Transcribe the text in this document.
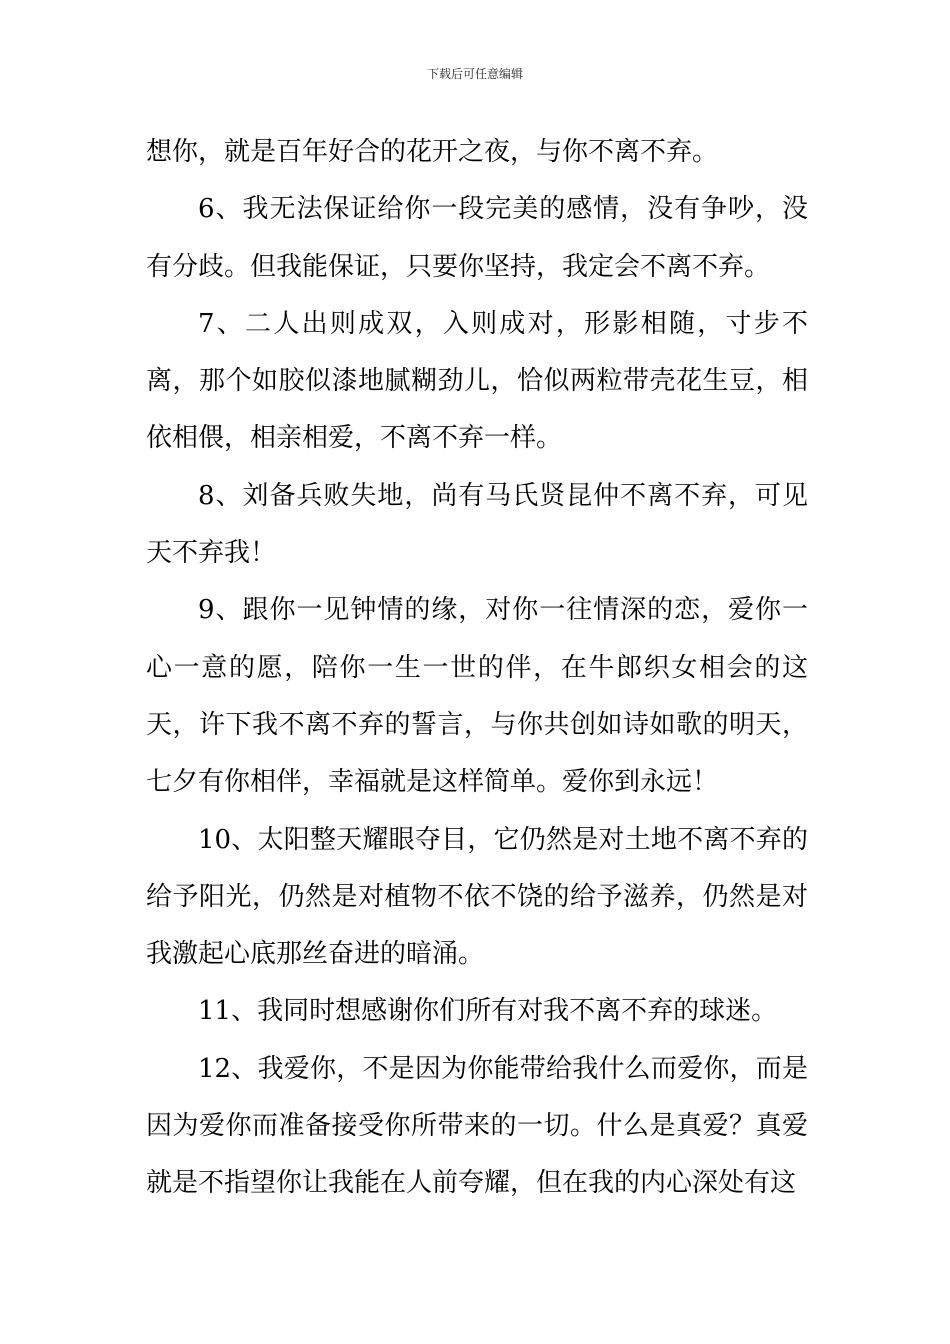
下载后可任意编辑

想你，就是百年好合的花开之夜，与你不离不弃。

6、我无法保证给你一段完美的感情，没有争吵，没有分歧。但我能保证，只要你坚持，我定会不离不弃。

7、二人出则成双，入则成对，形影相随，寸步不离，那个如胶似漆地腻糊劲儿，恰似两粒带壳花生豆，相依相偎，相亲相爱，不离不弃一样。

8、刘备兵败失地，尚有马氏贤昆仲不离不弃，可见天不弃我！

9、跟你一见钟情的缘，对你一往情深的恋，爱你一心一意的愿，陪你一生一世的伴，在牛郎织女相会的这天，许下我不离不弃的誓言，与你共创如诗如歌的明天，七夕有你相伴，幸福就是这样简单。爱你到永远！

10、太阳整天耀眼夺目，它仍然是对土地不离不弃的给予阳光，仍然是对植物不依不饶的给予滋养，仍然是对我激起心底那丝奋进的暗涌。

11、我同时想感谢你们所有对我不离不弃的球迷。

12、我爱你，不是因为你能带给我什么而爱你，而是因为爱你而准备接受你所带来的一切。什么是真爱？真爱就是不指望你让我能在人前夸耀，但在我的内心深处有这
